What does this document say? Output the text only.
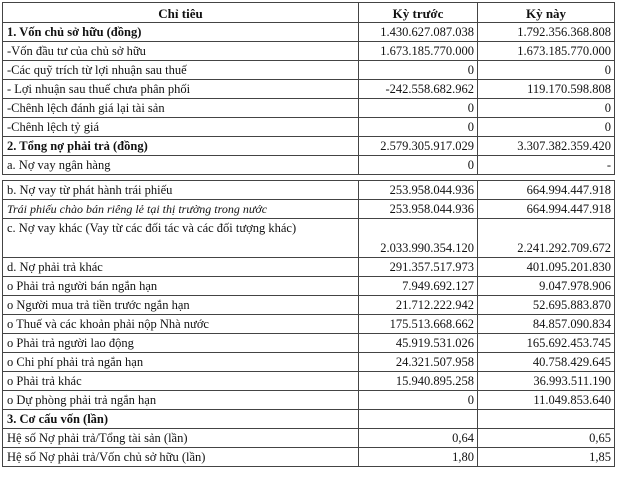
Chỉ tiêu	Kỳ trước	Kỳ này
1. Vốn chủ sở hữu (đồng)	1.430.627.087.038	1.792.356.368.808
-Vốn đầu tư của chủ sở hữu	1.673.185.770.000	1.673.185.770.000
-Các quỹ trích từ lợi nhuận sau thuế	0	0
- Lợi nhuận sau thuế chưa phân phối	-242.558.682.962	119.170.598.808
-Chênh lệch đánh giá lại tài sản	0	0
-Chênh lệch tỷ giá	0	0
2. Tổng nợ phải trả (đồng)	2.579.305.917.029	3.307.382.359.420
a. Nợ vay ngân hàng	0	-

b. Nợ vay từ phát hành trái phiếu	253.958.044.936	664.994.447.918
Trái phiếu chào bán riêng lẻ tại thị trường trong nước	253.958.044.936	664.994.447.918
c. Nợ vay khác (Vay từ các đối tác và các đối tượng khác)	2.033.990.354.120	2.241.292.709.672
d. Nợ phải trả khác	291.357.517.973	401.095.201.830
o Phải trả người bán ngắn hạn	7.949.692.127	9.047.978.906
o Người mua trả tiền trước ngắn hạn	21.712.222.942	52.695.883.870
o Thuế và các khoản phải nộp Nhà nước	175.513.668.662	84.857.090.834
o Phải trả người lao động	45.919.531.026	165.692.453.745
o Chi phí phải trả ngắn hạn	24.321.507.958	40.758.429.645
o Phải trả khác	15.940.895.258	36.993.511.190
o Dự phòng phải trả ngắn hạn	0	11.049.853.640
3. Cơ cấu vốn (lần)		
Hệ số Nợ phải trả/Tổng tài sản (lần)	0,64	0,65
Hệ số Nợ phải trả/Vốn chủ sở hữu (lần)	1,80	1,85
